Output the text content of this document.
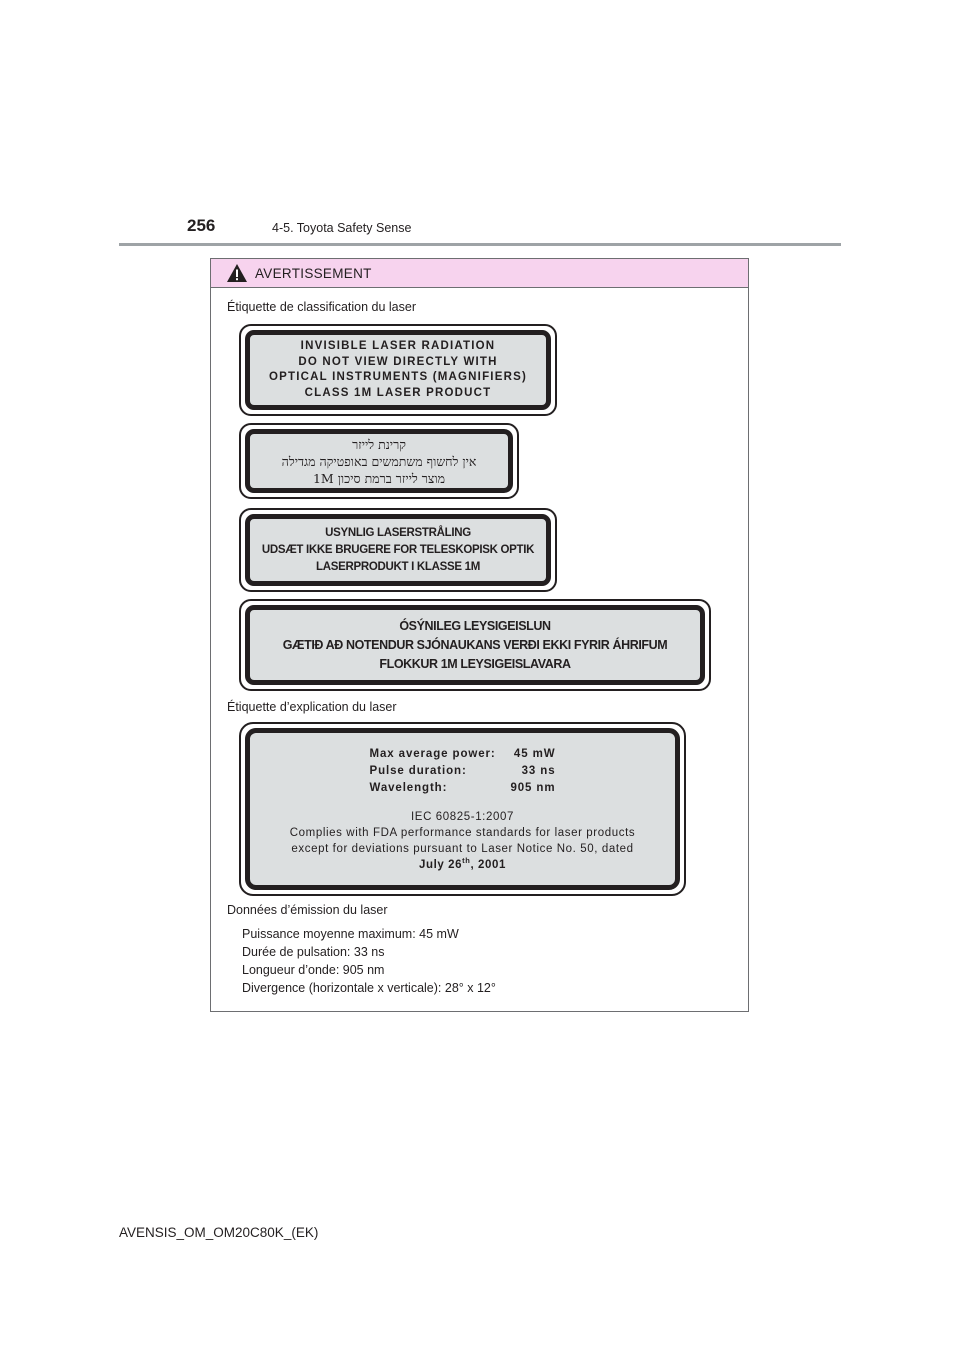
256	4-5. Toyota Safety Sense
AVERTISSEMENT
Étiquette de classification du laser
INVISIBLE LASER RADIATION
DO NOT VIEW DIRECTLY WITH
OPTICAL INSTRUMENTS (MAGNIFIERS)
CLASS 1M LASER PRODUCT
קרינת לייזר
אין לחשוף משתמשים באופטיקה מגדילה
מוצר לייזר ברמת סיכון 1M
USYNLIG LASERSTRÅLING
UDSÆT IKKE BRUGERE FOR TELESKOPISK OPTIK
LASERPRODUKT I KLASSE 1M
ÓSÝNILEG LEYSIGEISLUN
GÆTIÐ AÐ NOTENDUR SJÓNAUKANS VERÐI EKKI FYRIR ÁHRIFUM
FLOKKUR 1M LEYSIGEISLAVARA
Étiquette d’explication du laser
Max average power:	45 mW
Pulse duration:	33 ns
Wavelength:	905 nm
IEC 60825-1:2007
Complies with FDA performance standards for laser products
except for deviations pursuant to Laser Notice No. 50, dated
July 26th, 2001
Données d’émission du laser
Puissance moyenne maximum: 45 mW
Durée de pulsation: 33 ns
Longueur d’onde: 905 nm
Divergence (horizontale x verticale): 28° x 12°
AVENSIS_OM_OM20C80K_(EK)
